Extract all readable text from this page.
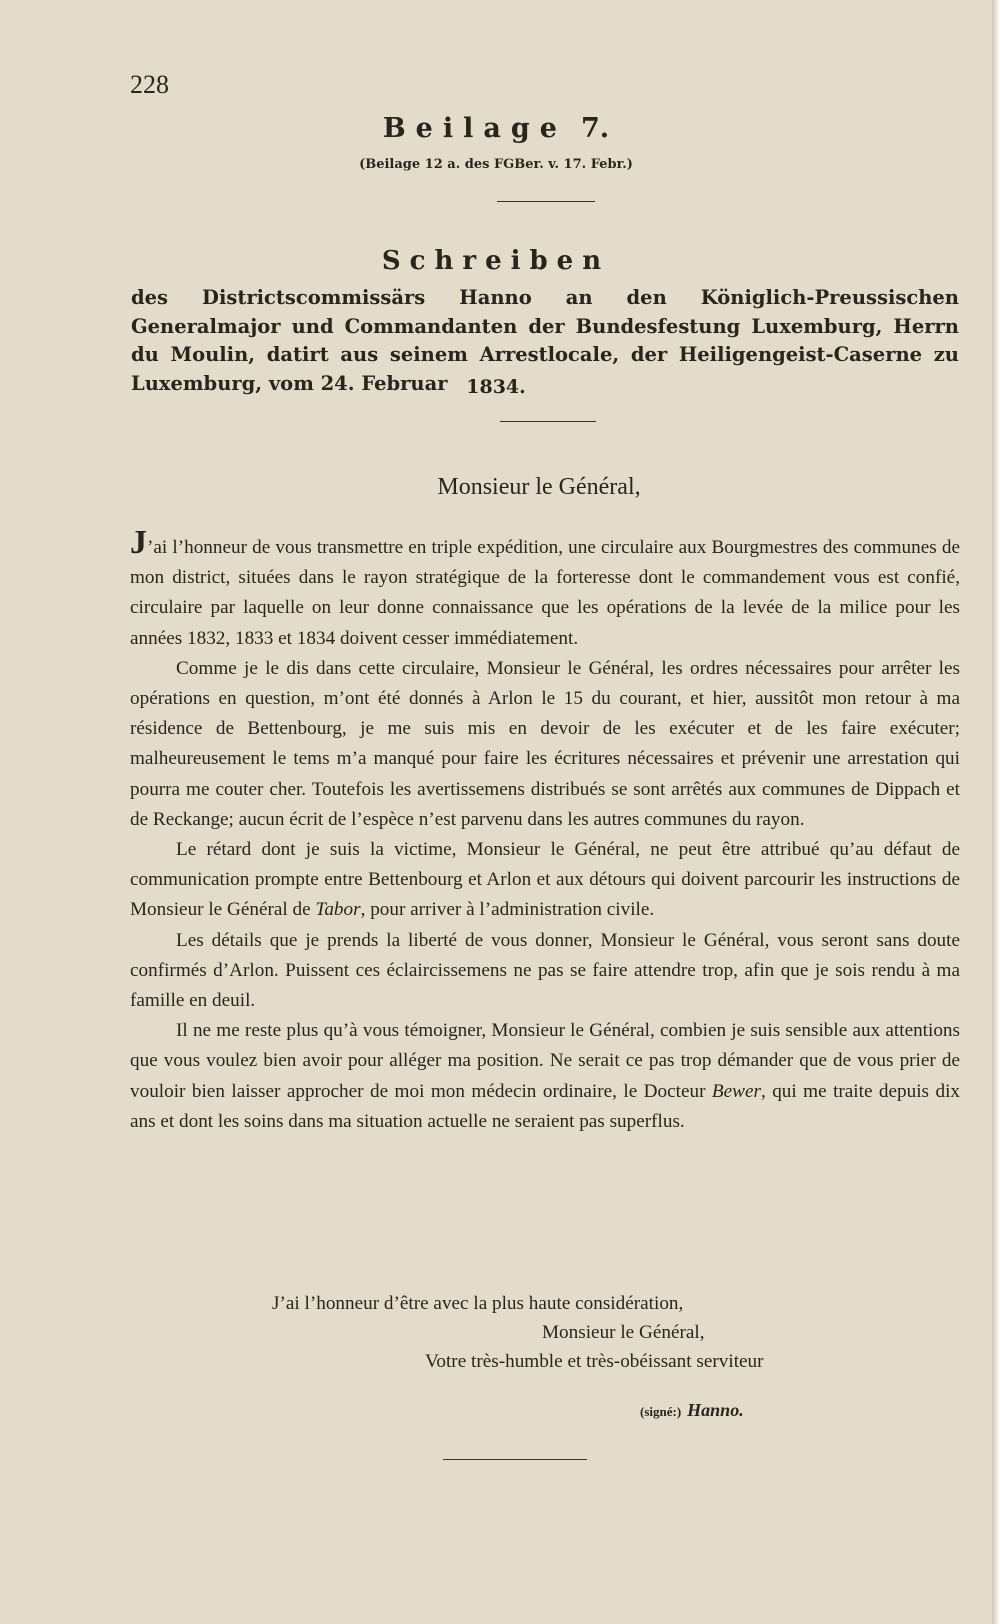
228
Beilage 7.
(Beilage 12 a. des FGBer. v. 17. Febr.)
Schreiben
des Districtscommissärs Hanno an den Königlich-Preussischen Generalmajor und Commandanten der Bundesfestung Luxemburg, Herrn du Moulin, datirt aus seinem Arrestlocale, der Heiligengeist-Caserne zu Luxemburg, vom 24. Februar 1834.
Monsieur le Général,

J’ai l’honneur de vous transmettre en triple expédition, une circulaire aux Bourgmestres des communes de mon district, situées dans le rayon stratégique de la forteresse dont le commandement vous est confié, circulaire par laquelle on leur donne connaissance que les opérations de la levée de la milice pour les années 1832, 1833 et 1834 doivent cesser immédiatement.

Comme je le dis dans cette circulaire, Monsieur le Général, les ordres nécessaires pour arrêter les opérations en question, m’ont été donnés à Arlon le 15 du courant, et hier, aussitôt mon retour à ma résidence de Bettenbourg, je me suis mis en devoir de les exécuter et de les faire exécuter; malheureusement le tems m’a manqué pour faire les écritures nécessaires et prévenir une arrestation qui pourra me couter cher. Toutefois les avertissemens distribués se sont arrêtés aux communes de Dippach et de Reckange; aucun écrit de l’espèce n’est parvenu dans les autres communes du rayon.

Le rétard dont je suis la victime, Monsieur le Général, ne peut être attribué qu’au défaut de communication prompte entre Bettenbourg et Arlon et aux détours qui doivent parcourir les instructions de Monsieur le Général de Tabor, pour arriver à l’administration civile.

Les détails que je prends la liberté de vous donner, Monsieur le Général, vous seront sans doute confirmés d’Arlon. Puissent ces éclaircissemens ne pas se faire attendre trop, afin que je sois rendu à ma famille en deuil.

Il ne me reste plus qu’à vous témoigner, Monsieur le Général, combien je suis sensible aux attentions que vous voulez bien avoir pour alléger ma position. Ne serait ce pas trop démander que de vous prier de vouloir bien laisser approcher de moi mon médecin ordinaire, le Docteur Bewer, qui me traite depuis dix ans et dont les soins dans ma situation actuelle ne seraient pas superflus.

J’ai l’honneur d’être avec la plus haute considération,
Monsieur le Général,
Votre très-humble et très-obéissant serviteur
(signé:) Hanno.
